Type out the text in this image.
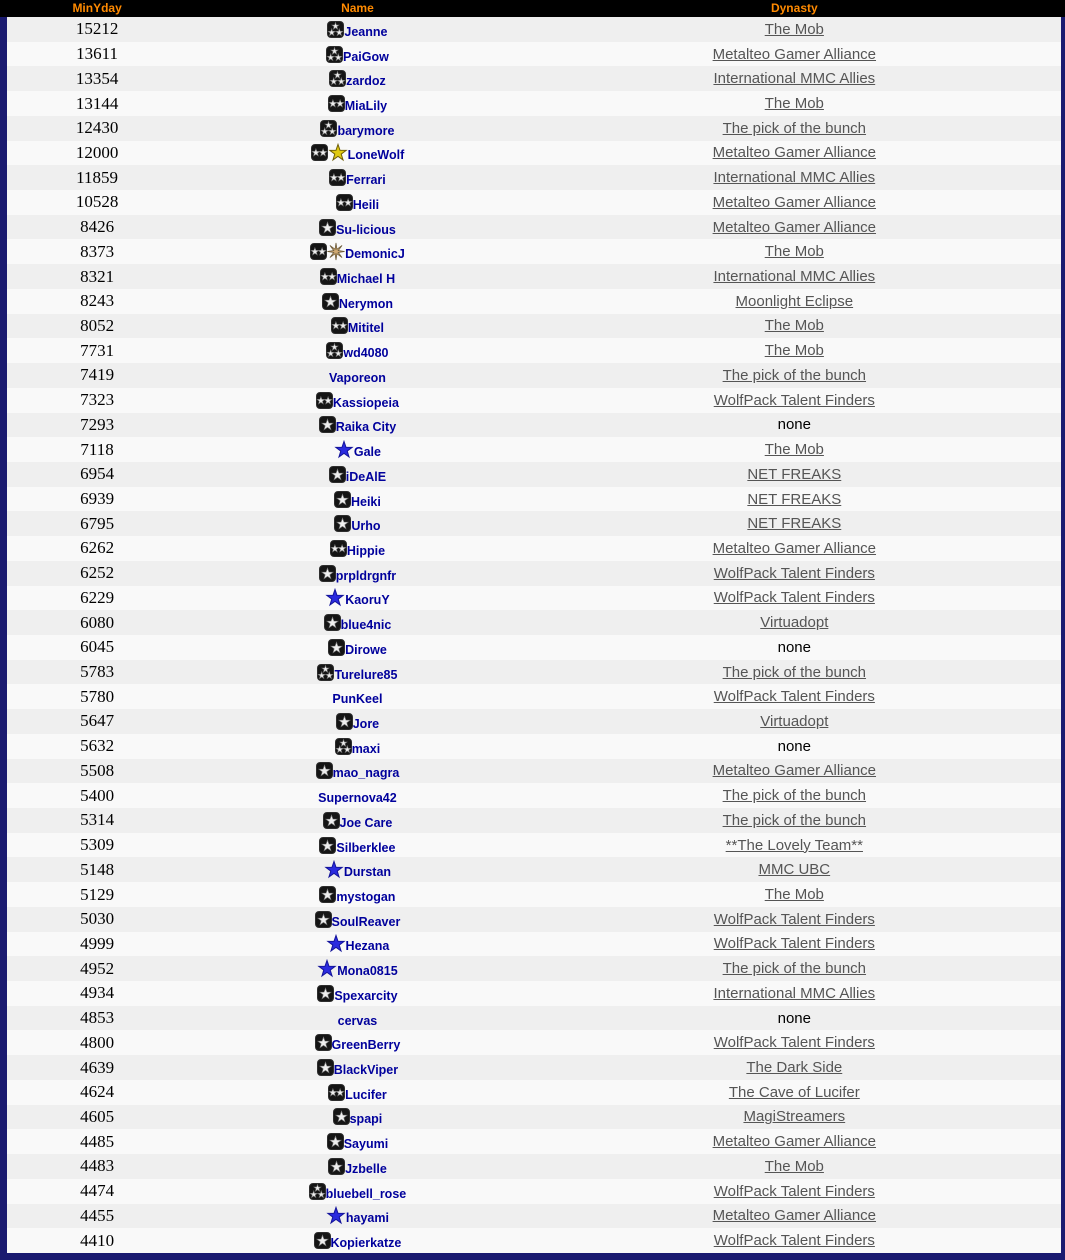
MinYday	Name	Dynasty
15212	Jeanne	The Mob
13611	PaiGow	Metalteo Gamer Alliance
13354	zardoz	International MMC Allies
13144	MiaLily	The Mob
12430	barymore	The pick of the bunch
12000	LoneWolf	Metalteo Gamer Alliance
11859	Ferrari	International MMC Allies
10528	Heili	Metalteo Gamer Alliance
8426	Su-licious	Metalteo Gamer Alliance
8373	DemonicJ	The Mob
8321	Michael H	International MMC Allies
8243	Nerymon	Moonlight Eclipse
8052	Mititel	The Mob
7731	wd4080	The Mob
7419	Vaporeon	The pick of the bunch
7323	Kassiopeia	WolfPack Talent Finders
7293	Raika City	none
7118	Gale	The Mob
6954	iDeAlE	NET FREAKS
6939	Heiki	NET FREAKS
6795	Urho	NET FREAKS
6262	Hippie	Metalteo Gamer Alliance
6252	prpldrgnfr	WolfPack Talent Finders
6229	KaoruY	WolfPack Talent Finders
6080	blue4nic	Virtuadopt
6045	Dirowe	none
5783	Turelure85	The pick of the bunch
5780	PunKeel	WolfPack Talent Finders
5647	Jore	Virtuadopt
5632	maxi	none
5508	mao_nagra	Metalteo Gamer Alliance
5400	Supernova42	The pick of the bunch
5314	Joe Care	The pick of the bunch
5309	Silberklee	**The Lovely Team**
5148	Durstan	MMC UBC
5129	mystogan	The Mob
5030	SoulReaver	WolfPack Talent Finders
4999	Hezana	WolfPack Talent Finders
4952	Mona0815	The pick of the bunch
4934	Spexarcity	International MMC Allies
4853	cervas	none
4800	GreenBerry	WolfPack Talent Finders
4639	BlackViper	The Dark Side
4624	Lucifer	The Cave of Lucifer
4605	spapi	MagiStreamers
4485	Sayumi	Metalteo Gamer Alliance
4483	Jzbelle	The Mob
4474	bluebell_rose	WolfPack Talent Finders
4455	hayami	Metalteo Gamer Alliance
4410	Kopierkatze	WolfPack Talent Finders
